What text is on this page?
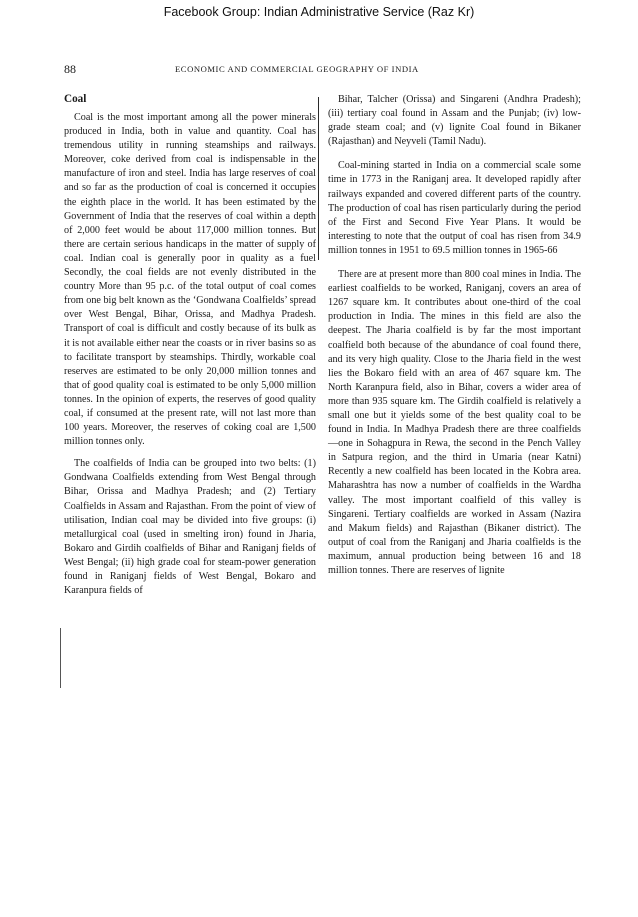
Facebook Group: Indian Administrative Service (Raz Kr)
88	ECONOMIC AND COMMERCIAL GEOGRAPHY OF INDIA
Coal

Coal is the most important among all the power minerals produced in India, both in value and quantity. Coal has tremendous utility in running steamships and railways. Moreover, coke derived from coal is indispensable in the manufacture of iron and steel. India has large reserves of coal and so far as the production of coal is concerned it occupies the eighth place in the world. It has been estimated by the Government of India that the reserves of coal within a depth of 2,000 feet would be about 117,000 million tonnes. But there are certain serious handicaps in the matter of supply of coal. Indian coal is generally poor in quality as a fuel Secondly, the coal fields are not evenly distributed in the country More than 95 p.c. of the total output of coal comes from one big belt known as the ‘Gondwana Coalfields’ spread over West Bengal, Bihar, Orissa, and Madhya Pradesh. Transport of coal is difficult and costly because of its bulk as it is not available either near the coasts or in river basins so as to facilitate transport by steamships. Thirdly, workable coal reserves are estimated to be only 20,000 million tonnes and that of good quality coal is estimated to be only 5,000 million tonnes. In the opinion of experts, the reserves of good quality coal, if consumed at the present rate, will not last more than 100 years. Moreover, the reserves of coking coal are 1,500 million tonnes only.

The coalfields of India can be grouped into two belts: (1) Gondwana Coalfields extending from West Bengal through Bihar, Orissa and Madhya Pradesh; and (2) Tertiary Coalfields in Assam and Rajasthan. From the point of view of utilisation, Indian coal may be divided into five groups: (i) metallurgical coal (used in smelting iron) found in Jharia, Bokaro and Girdih coalfields of Bihar and Raniganj fields of West Bengal; (ii) high grade coal for steam-power generation found in Raniganj fields of West Bengal, Bokaro and Karanpura fields of

Bihar, Talcher (Orissa) and Singareni (Andhra Pradesh); (iii) tertiary coal found in Assam and the Punjab; (iv) low-grade steam coal; and (v) lignite Coal found in Bikaner (Rajasthan) and Neyveli (Tamil Nadu).

Coal-mining started in India on a commercial scale some time in 1773 in the Raniganj area. It developed rapidly after railways expanded and covered different parts of the country. The production of coal has risen particularly during the period of the First and Second Five Year Plans. It would be interesting to note that the output of coal has risen from 34.9 million tonnes in 1951 to 69.5 million tonnes in 1965-66

There are at present more than 800 coal mines in India. The earliest coalfields to be worked, Raniganj, covers an area of 1267 square km. It contributes about one-third of the coal production in India. The mines in this field are also the deepest. The Jharia coalfield is by far the most important coalfield both because of the abundance of coal found there, and its very high quality. Close to the Jharia field in the west lies the Bokaro field with an area of 467 square km. The North Karanpura field, also in Bihar, covers a wider area of more than 935 square km. The Girdih coalfield is relatively a small one but it yields some of the best quality coal to be found in India. In Madhya Pradesh there are three coalfields—one in Sohagpura in Rewa, the second in the Pench Valley in Satpura region, and the third in Umaria (near Katni) Recently a new coalfield has been located in the Kobra area. Maharashtra has now a number of coalfields in the Wardha valley. The most important coalfield of this valley is Singareni. Tertiary coalfields are worked in Assam (Nazira and Makum fields) and Rajasthan (Bikaner district). The output of coal from the Raniganj and Jharia coalfields is the maximum, annual production being between 16 and 18 million tonnes. There are reserves of lignite
